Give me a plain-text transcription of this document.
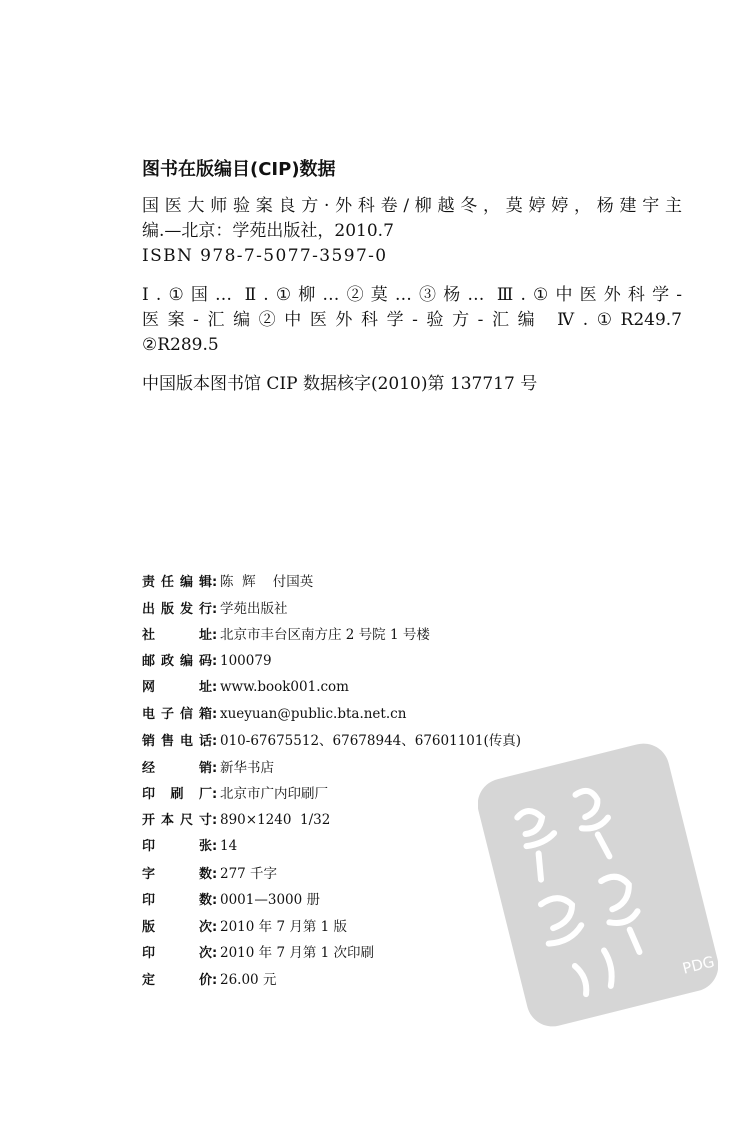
图书在版编目(CIP)数据
国医大师验案良方·外科卷/柳越冬，莫婷婷，杨建宇主
编.—北京：学苑出版社，2010.7
ISBN 978-7-5077-3597-0
Ⅰ.①国… Ⅱ.①柳…②莫…③杨… Ⅲ.①中医外科学-
医案-汇编②中医外科学-验方-汇编 Ⅳ.①R249.7
②R289.5
中国版本图书馆 CIP 数据核字(2010)第 137717 号
责 任 编 辑 : 陈  辉    付国英
出 版 发 行 : 学苑出版社
社	址 : 北京市丰台区南方庄 2 号院 1 号楼
邮 政 编 码 : 100079
网	址 : www.book001.com
电 子 信 箱 : xueyuan@public.bta.net.cn
销 售 电 话 : 010-67675512、67678944、67601101(传真)
经	销 : 新华书店
印 刷 厂 : 北京市广内印刷厂
开 本 尺 寸 : 890×1240  1/32
印	张 : 14
字	数 : 277 千字
印	数 : 0001—3000 册
版	次 : 2010 年 7 月第 1 版
印	次 : 2010 年 7 月第 1 次印刷
定	价 : 26.00 元
PDG
